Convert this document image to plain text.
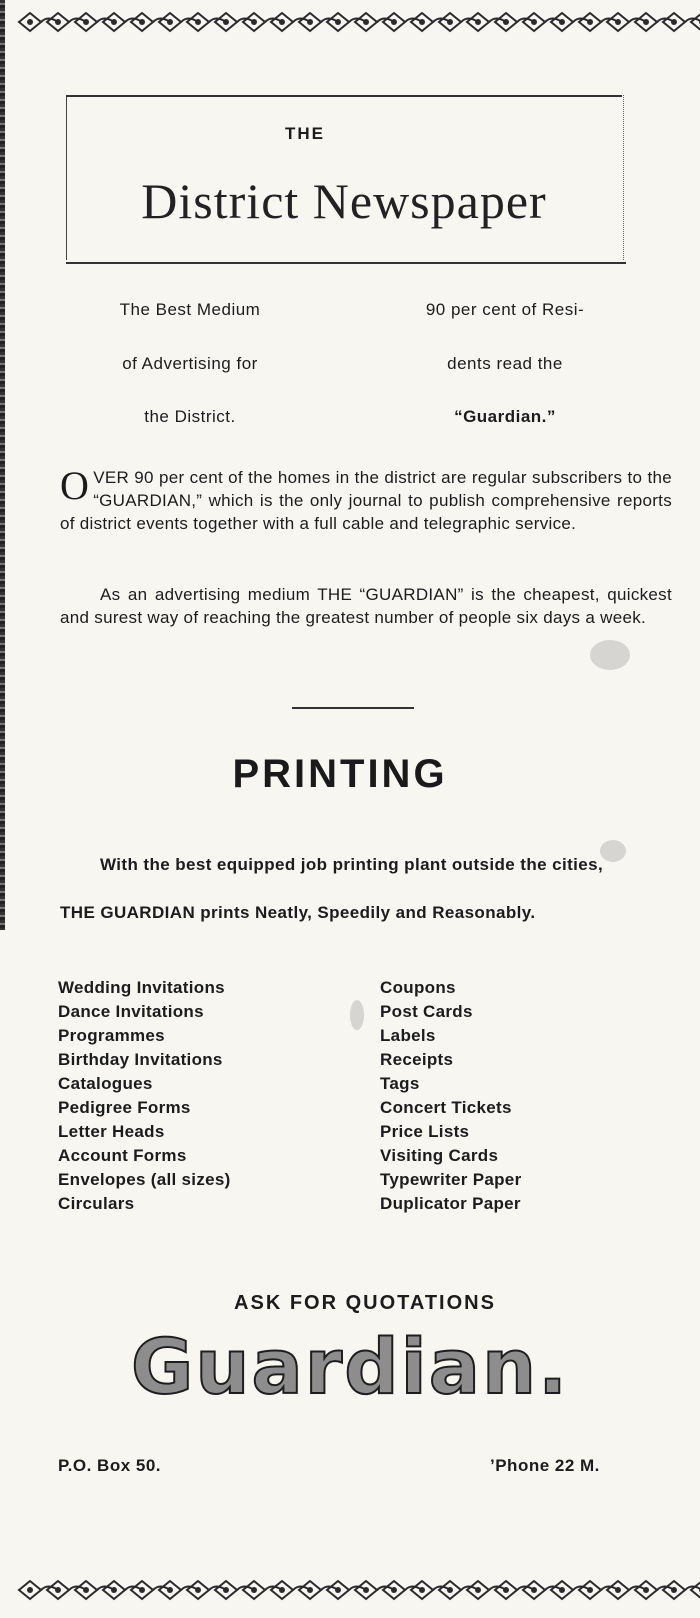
THE
District Newspaper
The Best Medium
of Advertising for
the District.
90 per cent of Resi-
dents read the
“Guardian.”
OVER 90 per cent of the homes in the district are regular subscribers to the “GUARDIAN,” which is the only journal to publish comprehensive reports of district events together with a full cable and telegraphic service.
As an advertising medium THE “GUARDIAN” is the cheapest, quickest and surest way of reaching the greatest number of people six days a week.
PRINTING
With the best equipped job printing plant outside the cities,
THE GUARDIAN prints Neatly, Speedily and Reasonably.
Wedding Invitations
Dance Invitations
Programmes
Birthday Invitations
Catalogues
Pedigree Forms
Letter Heads
Account Forms
Envelopes (all sizes)
Circulars
Coupons
Post Cards
Labels
Receipts
Tags
Concert Tickets
Price Lists
Visiting Cards
Typewriter Paper
Duplicator Paper
ASK FOR QUOTATIONS
Guardian.
P.O. Box 50.	’Phone 22 M.
